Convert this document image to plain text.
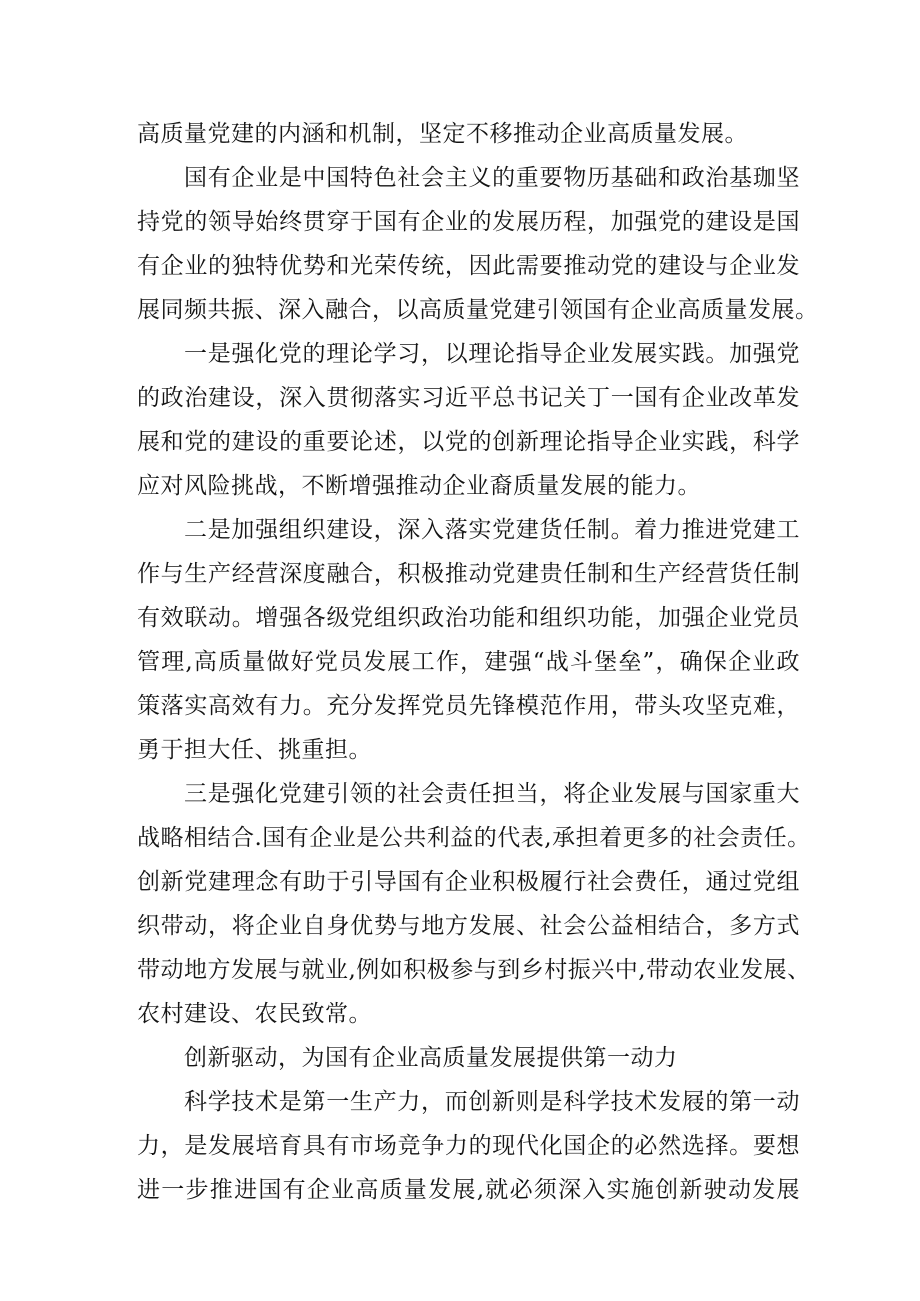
高质量党建的内涵和机制，坚定不移推动企业高质量发展。
国有企业是中国特色社会主义的重要物历基础和政治基珈坚
持党的领导始终贯穿于国有企业的发展历程，加强党的建设是国
有企业的独特优势和光荣传统，因此需要推动党的建设与企业发
展同频共振、深入融合，以高质量党建引领国有企业高质量发展。
一是强化党的理论学习，以理论指导企业发展实践。加强党
的政治建设，深入贯彻落实习近平总书记关丁一国有企业改革发
展和党的建设的重要论述，以党的创新理论指导企业实践，科学
应对风险挑战，不断增强推动企业裔质量发展的能力。
二是加强组织建设，深入落实党建货任制。着力推进党建工
作与生产经营深度融合，积极推动党建贵任制和生产经营货任制
有效联动。增强各级党组织政治功能和组织功能，加强企业党员
管理,高质量做好党员发展工作，建强“战斗堡垒”，确保企业政
策落实高效有力。充分发挥党员先锋模范作用，带头攻坚克难，
勇于担大任、挑重担。
三是强化党建引领的社会责任担当，将企业发展与国家重大
战略相结合.国有企业是公共利益的代表,承担着更多的社会责任。
创新党建理念有助于引导国有企业积极履行社会费任，通过党组
织带动，将企业自身优势与地方发展、社会公益相结合，多方式
带动地方发展与就业,例如积极参与到乡村振兴中,带动农业发展、
农村建设、农民致常。
创新驱动，为国有企业高质量发展提供第一动力
科学技术是第一生产力，而创新则是科学技术发屐的第一动
力，是发展培育具有市场竞争力的现代化国企的必然选择。要想
进一步推进国有企业高质量发展,就必须深入实施创新驶动发展
